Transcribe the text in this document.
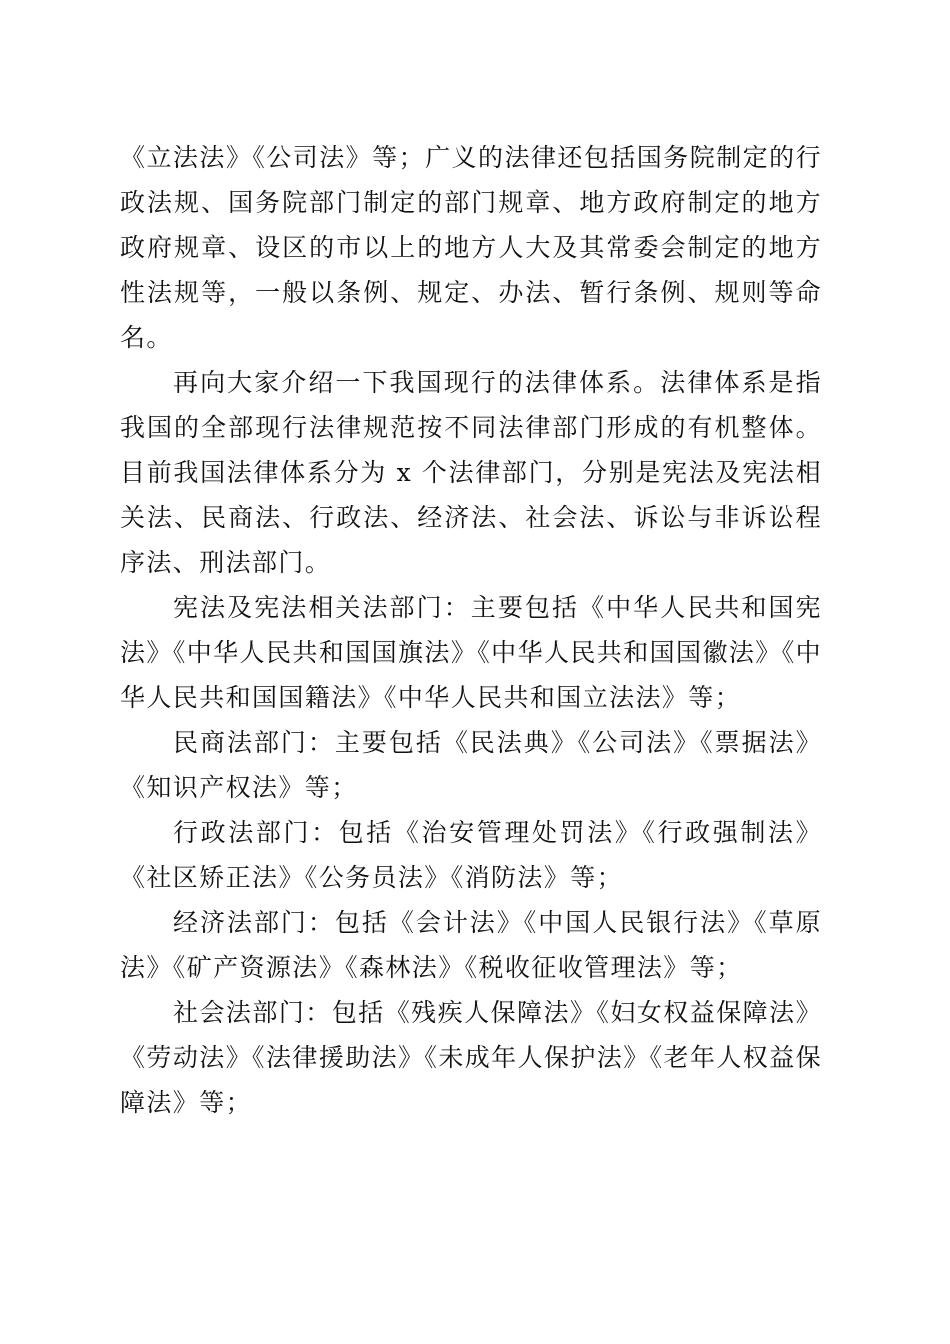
《立法法》《公司法》等；广义的法律还包括国务院制定的行政法规、国务院部门制定的部门规章、地方政府制定的地方政府规章、设区的市以上的地方人大及其常委会制定的地方性法规等，一般以条例、规定、办法、暂行条例、规则等命名。

再向大家介绍一下我国现行的法律体系。法律体系是指我国的全部现行法律规范按不同法律部门形成的有机整体。目前我国法律体系分为 x 个法律部门，分别是宪法及宪法相关法、民商法、行政法、经济法、社会法、诉讼与非诉讼程序法、刑法部门。

宪法及宪法相关法部门：主要包括《中华人民共和国宪法》《中华人民共和国国旗法》《中华人民共和国国徽法》《中华人民共和国国籍法》《中华人民共和国立法法》等；

民商法部门：主要包括《民法典》《公司法》《票据法》《知识产权法》等；

行政法部门：包括《治安管理处罚法》《行政强制法》《社区矫正法》《公务员法》《消防法》等；

经济法部门：包括《会计法》《中国人民银行法》《草原法》《矿产资源法》《森林法》《税收征收管理法》等；

社会法部门：包括《残疾人保障法》《妇女权益保障法》《劳动法》《法律援助法》《未成年人保护法》《老年人权益保障法》等；
